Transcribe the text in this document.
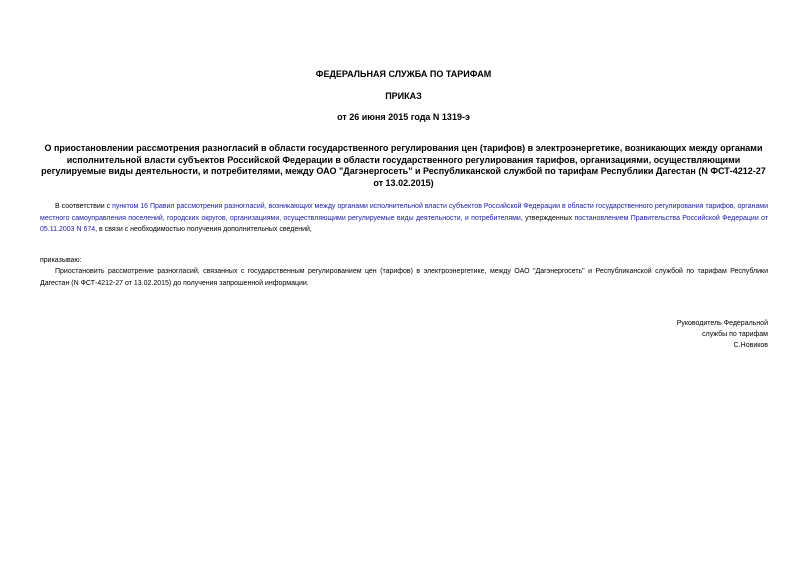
ФЕДЕРАЛЬНАЯ СЛУЖБА ПО ТАРИФАМ
ПРИКАЗ
от 26 июня 2015 года N 1319-э
О приостановлении рассмотрения разногласий в области государственного регулирования цен (тарифов) в электроэнергетике, возникающих между органами исполнительной власти субъектов Российской Федерации в области государственного регулирования тарифов, организациями, осуществляющими регулируемые виды деятельности, и потребителями, между ОАО "Дагэнергосеть" и Республиканской службой по тарифам Республики Дагестан (N ФСТ-4212-27 от 13.02.2015)
В соответствии с пунктом 16 Правил рассмотрения разногласий, возникающих между органами исполнительной власти субъектов Российской Федерации в области государственного регулирования тарифов, органами местного самоуправления поселений, городских округов, организациями, осуществляющими регулируемые виды деятельности, и потребителями, утвержденных постановлением Правительства Российской Федерации от 05.11.2003 N 674, в связи с необходимостью получения дополнительных сведений,
приказываю:
Приостановить рассмотрение разногласий, связанных с государственным регулированием цен (тарифов) в электроэнергетике, между ОАО "Дагэнергосеть" и Республиканской службой по тарифам Республики Дагестан (N ФСТ-4212-27 от 13.02.2015) до получения запрошенной информации.
Руководитель Федеральной
службы по тарифам
С.Новиков
